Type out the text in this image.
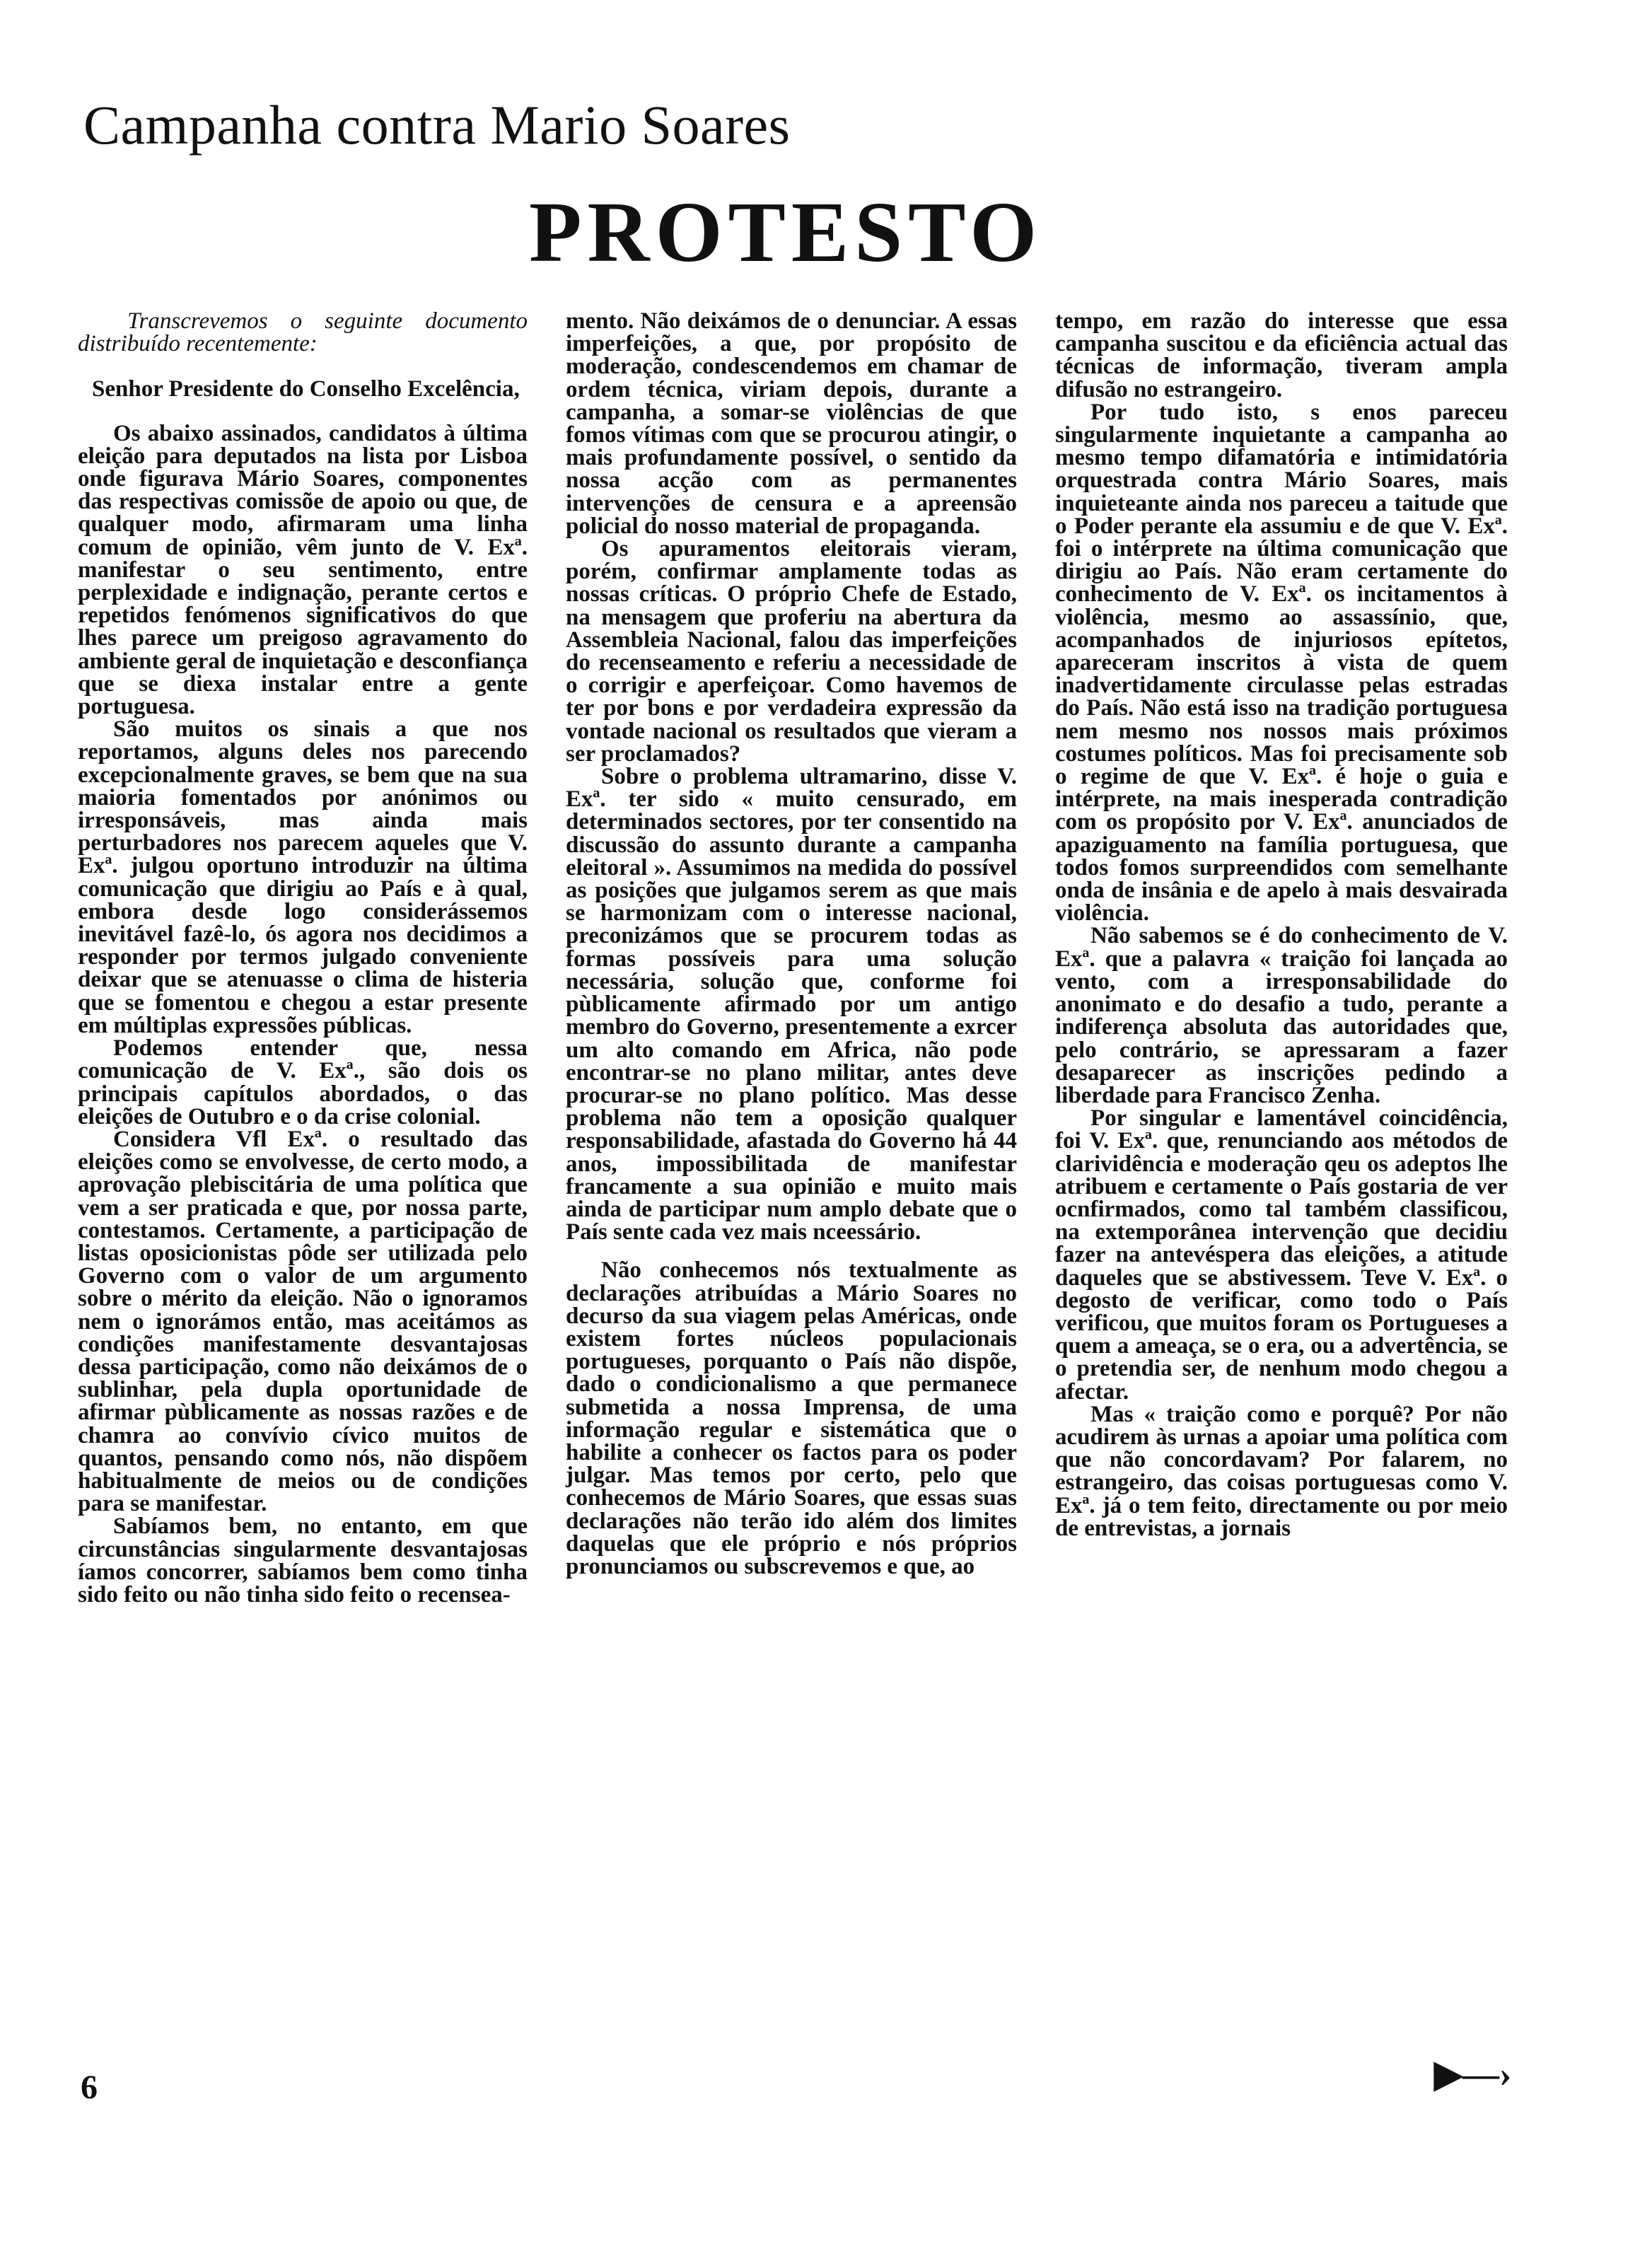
Campanha contra Mario Soares
PROTESTO

Transcrevemos o seguinte documento distribuído recentemente:

Senhor Presidente do Conselho Excelência,

Os abaixo assinados, candidatos à última eleição para deputados na lista por Lisboa onde figurava Mário Soares, componentes das respectivas comissõe de apoio ou que, de qualquer modo, afirmaram uma linha comum de opinião, vêm junto de V. Exª. manifestar o seu sentimento, entre perplexidade e indignação, perante certos e repetidos fenómenos significativos do que lhes parece um preigoso agravamento do ambiente geral de inquietação e desconfiança que se diexa instalar entre a gente portuguesa.

São muitos os sinais a que nos reportamos, alguns deles nos parecendo excepcionalmente graves, se bem que na sua maioria fomentados por anónimos ou irresponsáveis, mas ainda mais perturbadores nos parecem aqueles que V. Exª. julgou oportuno introduzir na última comunicação que dirigiu ao País e à qual, embora desde logo considerássemos inevitável fazê-lo, ós agora nos decidimos a responder por termos julgado conveniente deixar que se atenuasse o clima de histeria que se fomentou e chegou a estar presente em múltiplas expressões públicas.

Podemos entender que, nessa comunicação de V. Exª., são dois os principais capítulos abordados, o das eleições de Outubro e o da crise colonial.

Considera Vfl Exª. o resultado das eleições como se envolvesse, de certo modo, a aprovação plebiscitária de uma política que vem a ser praticada e que, por nossa parte, contestamos. Certamente, a participação de listas oposicionistas pôde ser utilizada pelo Governo com o valor de um argumento sobre o mérito da eleição. Não o ignoramos nem o ignorámos então, mas aceitámos as condições manifestamente desvantajosas dessa participação, como não deixámos de o sublinhar, pela dupla oportunidade de afirmar pùblicamente as nossas razões e de chamra ao convívio cívico muitos de quantos, pensando como nós, não dispõem habitualmente de meios ou de condições para se manifestar.

Sabíamos bem, no entanto, em que circunstâncias singularmente desvantajosas íamos concorrer, sabíamos bem como tinha sido feito ou não tinha sido feito o recensea-

mento. Não deixámos de o denunciar. A essas imperfeições, a que, por propósito de moderação, condescendemos em chamar de ordem técnica, viriam depois, durante a campanha, a somar-se violências de que fomos vítimas com que se procurou atingir, o mais profundamente possível, o sentido da nossa acção com as permanentes intervenções de censura e a apreensão policial do nosso material de propaganda.

Os apuramentos eleitorais vieram, porém, confirmar amplamente todas as nossas críticas. O próprio Chefe de Estado, na mensagem que proferiu na abertura da Assembleia Nacional, falou das imperfeições do recenseamento e referiu a necessidade de o corrigir e aperfeiçoar. Como havemos de ter por bons e por verdadeira expressão da vontade nacional os resultados que vieram a ser proclamados?

Sobre o problema ultramarino, disse V. Exª. ter sido « muito censurado, em determinados sectores, por ter consentido na discussão do assunto durante a campanha eleitoral ». Assumimos na medida do possível as posições que julgamos serem as que mais se harmonizam com o interesse nacional, preconizámos que se procurem todas as formas possíveis para uma solução necessária, solução que, conforme foi pùblicamente afirmado por um antigo membro do Governo, presentemente a exrcer um alto comando em Africa, não pode encontrar-se no plano militar, antes deve procurar-se no plano político. Mas desse problema não tem a oposição qualquer responsabilidade, afastada do Governo há 44 anos, impossibilitada de manifestar francamente a sua opinião e muito mais ainda de participar num amplo debate que o País sente cada vez mais nceessário.

Não conhecemos nós textualmente as declarações atribuídas a Mário Soares no decurso da sua viagem pelas Américas, onde existem fortes núcleos populacionais portugueses, porquanto o País não dispõe, dado o condicionalismo a que permanece submetida a nossa Imprensa, de uma informação regular e sistemática que o habilite a conhecer os factos para os poder julgar. Mas temos por certo, pelo que conhecemos de Mário Soares, que essas suas declarações não terão ido além dos limites daquelas que ele próprio e nós próprios pronunciamos ou subscrevemos e que, ao

tempo, em razão do interesse que essa campanha suscitou e da eficiência actual das técnicas de informação, tiveram ampla difusão no estrangeiro.

Por tudo isto, s enos pareceu singularmente inquietante a campanha ao mesmo tempo difamatória e intimidatória orquestrada contra Mário Soares, mais inquieteante ainda nos pareceu a taitude que o Poder perante ela assumiu e de que V. Exª. foi o intérprete na última comunicação que dirigiu ao País. Não eram certamente do conhecimento de V. Exª. os incitamentos à violência, mesmo ao assassínio, que, acompanhados de injuriosos epítetos, apareceram inscritos à vista de quem inadvertidamente circulasse pelas estradas do País. Não está isso na tradição portuguesa nem mesmo nos nossos mais próximos costumes políticos. Mas foi precisamente sob o regime de que V. Exª. é hoje o guia e intérprete, na mais inesperada contradição com os propósito por V. Exª. anunciados de apaziguamento na família portuguesa, que todos fomos surpreendidos com semelhante onda de insânia e de apelo à mais desvairada violência.

Não sabemos se é do conhecimento de V. Exª. que a palavra « traição foi lançada ao vento, com a irresponsabilidade do anonimato e do desafio a tudo, perante a indiferença absoluta das autoridades que, pelo contrário, se apressaram a fazer desaparecer as inscrições pedindo a liberdade para Francisco Zenha.

Por singular e lamentável coincidência, foi V. Exª. que, renunciando aos métodos de clarividência e moderação qeu os adeptos lhe atribuem e certamente o País gostaria de ver ocnfirmados, como tal também classificou, na extemporânea intervenção que decidiu fazer na antevéspera das eleições, a atitude daqueles que se abstivessem. Teve V. Exª. o degosto de verificar, como todo o País verificou, que muitos foram os Portugueses a quem a ameaça, se o era, ou a advertência, se o pretendia ser, de nenhum modo chegou a afectar.

Mas « traição como e porquê? Por não acudirem às urnas a apoiar uma política com que não concordavam? Por falarem, no estrangeiro, das coisas portuguesas como V. Exª. já o tem feito, directamente ou por meio de entrevistas, a jornais

6	▶—›
